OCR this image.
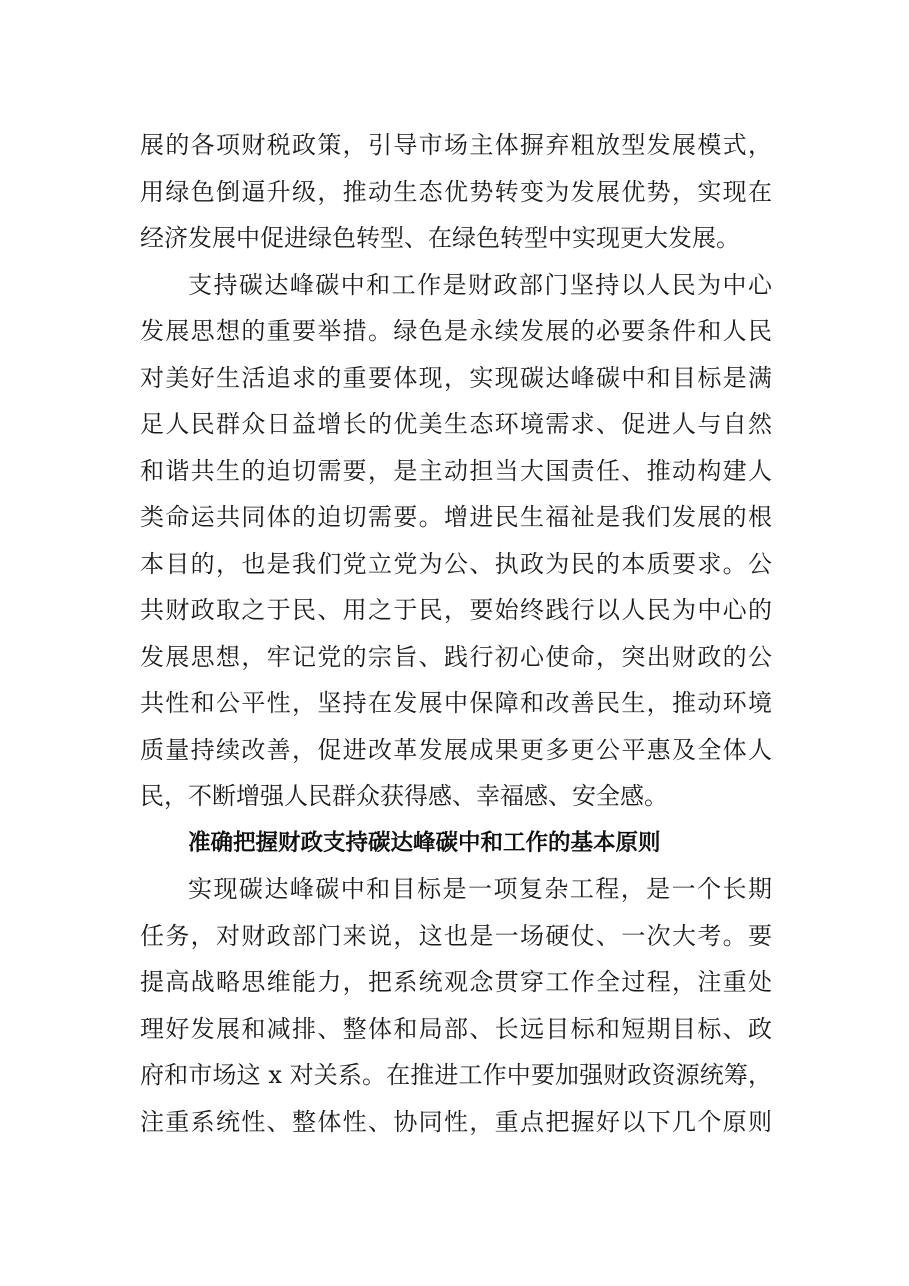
展的各项财税政策，引导市场主体摒弃粗放型发展模式，
用绿色倒逼升级，推动生态优势转变为发展优势，实现在
经济发展中促进绿色转型、在绿色转型中实现更大发展。
支持碳达峰碳中和工作是财政部门坚持以人民为中心
发展思想的重要举措。绿色是永续发展的必要条件和人民
对美好生活追求的重要体现，实现碳达峰碳中和目标是满
足人民群众日益增长的优美生态环境需求、促进人与自然
和谐共生的迫切需要，是主动担当大国责任、推动构建人
类命运共同体的迫切需要。增进民生福祉是我们发展的根
本目的，也是我们党立党为公、执政为民的本质要求。公
共财政取之于民、用之于民，要始终践行以人民为中心的
发展思想，牢记党的宗旨、践行初心使命，突出财政的公
共性和公平性，坚持在发展中保障和改善民生，推动环境
质量持续改善，促进改革发展成果更多更公平惠及全体人
民，不断增强人民群众获得感、幸福感、安全感。
准确把握财政支持碳达峰碳中和工作的基本原则
实现碳达峰碳中和目标是一项复杂工程，是一个长期
任务，对财政部门来说，这也是一场硬仗、一次大考。要
提高战略思维能力，把系统观念贯穿工作全过程，注重处
理好发展和减排、整体和局部、长远目标和短期目标、政
府和市场这 x 对关系。在推进工作中要加强财政资源统筹，
注重系统性、整体性、协同性，重点把握好以下几个原则
